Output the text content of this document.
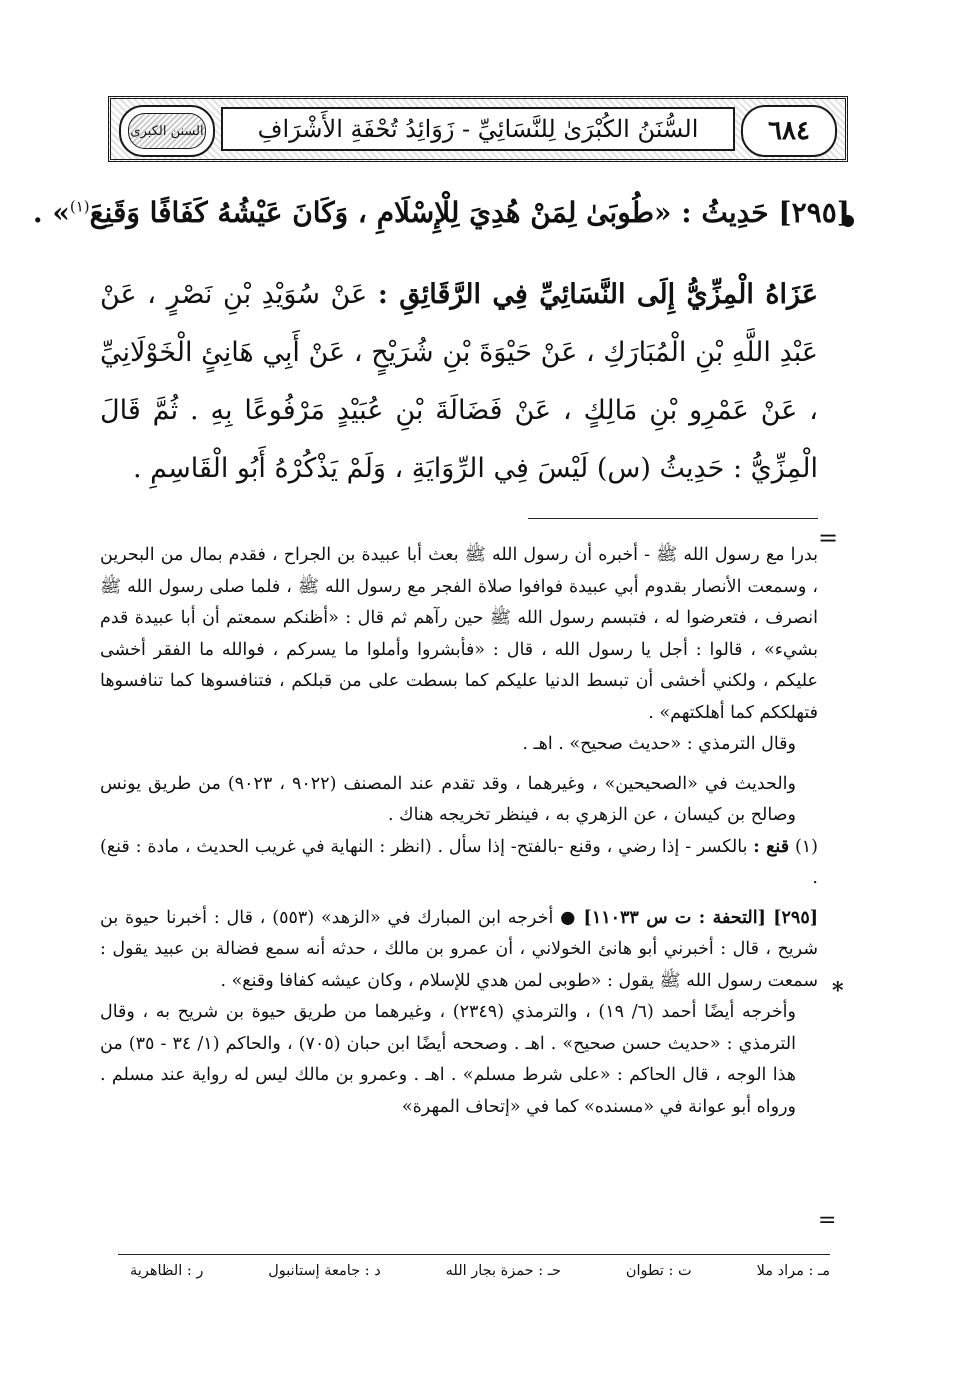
٦٨٤
السُّنَنُ الكُبْرَىٰ لِلنَّسَائِيِّ - زَوَائِدُ تُحْفَةِ الأَشْرَافِ
السنن الكبرى
[٢٩٥] حَدِيثُ : «طُوبَىٰ لِمَنْ هُدِيَ لِلْإِسْلَامِ ، وَكَانَ عَيْشُهُ كَفَافًا وَقَنِعَ$^{(١)}$» .
عَزَاهُ الْمِزِّيُّ إِلَى النَّسَائِيِّ فِي الرَّقَائِقِ : عَنْ سُوَيْدِ بْنِ نَصْرٍ ، عَنْ عَبْدِ اللَّهِ بْنِ الْمُبَارَكِ ، عَنْ حَيْوَةَ بْنِ شُرَيْحٍ ، عَنْ أَبِي هَانِئٍ الْخَوْلَانِيِّ ، عَنْ عَمْرِو بْنِ مَالِكٍ ، عَنْ فَضَالَةَ بْنِ عُبَيْدٍ مَرْفُوعًا بِهِ . ثُمَّ قَالَ الْمِزِّيُّ : حَدِيثُ (س) لَيْسَ فِي الرِّوَايَةِ ، وَلَمْ يَذْكُرْهُ أَبُو الْقَاسِمِ .
=

بدرا مع رسول الله ﷺ - أخبره أن رسول الله ﷺ بعث أبا عبيدة بن الجراح ، فقدم بمال من البحرين ، وسمعت الأنصار بقدوم أبي عبيدة فوافوا صلاة الفجر مع رسول الله ﷺ ، فلما صلى رسول الله ﷺ انصرف ، فتعرضوا له ، فتبسم رسول الله ﷺ حين رآهم ثم قال : «أظنكم سمعتم أن أبا عبيدة قدم بشيء» ، قالوا : أجل يا رسول الله ، قال : «فأبشروا وأملوا ما يسركم ، فوالله ما الفقر أخشى عليكم ، ولكني أخشى أن تبسط الدنيا عليكم كما بسطت على من قبلكم ، فتنافسوها كما تنافسوها فتهلككم كما أهلكتهم» .

وقال الترمذي : «حديث صحيح» . اهـ .

والحديث في «الصحيحين» ، وغيرهما ، وقد تقدم عند المصنف (٩٠٢٢ ، ٩٠٢٣) من طريق يونس وصالح بن كيسان ، عن الزهري به ، فينظر تخريجه هناك .

(١) قنع : بالكسر - إذا رضي ، وقنع -بالفتح- إذا سأل . (انظر : النهاية في غريب الحديث ، مادة : قنع) .

[٢٩٥] [التحفة : ت س ١١٠٣٣] ● أخرجه ابن المبارك في «الزهد» (٥٥٣) ، قال : أخبرنا حيوة بن شريح ، قال : أخبرني أبو هانئ الخولاني ، أن عمرو بن مالك ، حدثه أنه سمع فضالة بن عبيد يقول : سمعت رسول الله ﷺ يقول : «طوبى لمن هدي للإسلام ، وكان عيشه كفافا وقنع» .

وأخرجه أيضًا أحمد (٦/ ١٩) ، والترمذي (٢٣٤٩) ، وغيرهما من طريق حيوة بن شريح به ، وقال الترمذي : «حديث حسن صحيح» . اهـ . وصححه أيضًا ابن حبان (٧٠٥) ، والحاكم (١/ ٣٤ - ٣٥) من هذا الوجه ، قال الحاكم : «على شرط مسلم» . اهـ . وعمرو بن مالك ليس له رواية عند مسلم . ورواه أبو عوانة في «مسنده» كما في «إتحاف المهرة»

*
=
مـ : مراد ملا
ت : تطوان
حـ : حمزة بجار الله
د : جامعة إستانبول
ر : الظاهرية
